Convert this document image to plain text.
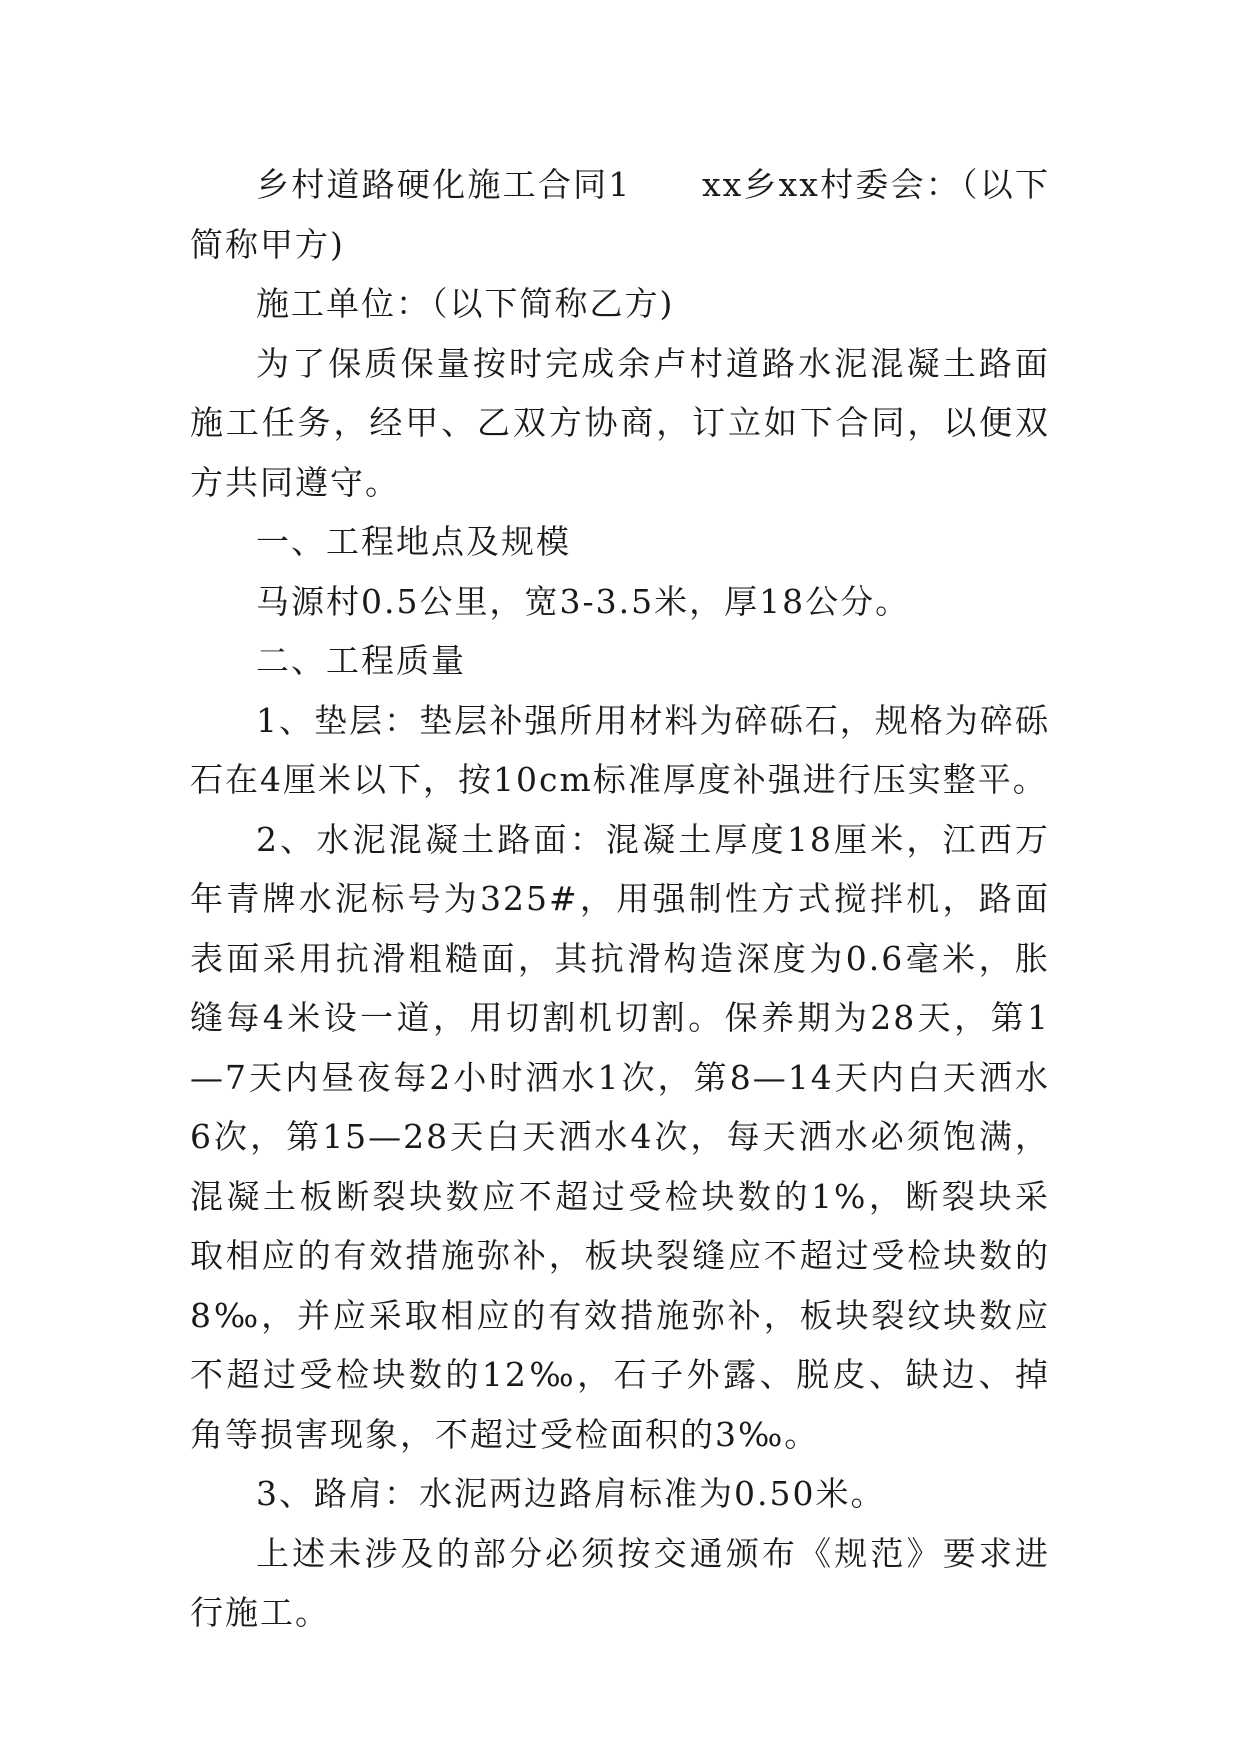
乡村道路硬化施工合同1　　xx乡xx村委会：（以下简称甲方)

施工单位：（以下简称乙方)

为了保质保量按时完成余卢村道路水泥混凝土路面施工任务，经甲、乙双方协商，订立如下合同，以便双方共同遵守。

一、工程地点及规模

马源村0.5公里，宽3-3.5米，厚18公分。

二、工程质量

1、垫层：垫层补强所用材料为碎砾石，规格为碎砾石在4厘米以下，按10cm标准厚度补强进行压实整平。

2、水泥混凝土路面：混凝土厚度18厘米，江西万年青牌水泥标号为325#，用强制性方式搅拌机，路面表面采用抗滑粗糙面，其抗滑构造深度为0.6毫米，胀缝每4米设一道，用切割机切割。保养期为28天，第1—7天内昼夜每2小时洒水1次，第8—14天内白天洒水6次，第15—28天白天洒水4次，每天洒水必须饱满，混凝土板断裂块数应不超过受检块数的1%，断裂块采取相应的有效措施弥补，板块裂缝应不超过受检块数的8‰，并应采取相应的有效措施弥补，板块裂纹块数应不超过受检块数的12‰，石子外露、脱皮、缺边、掉角等损害现象，不超过受检面积的3‰。

3、路肩：水泥两边路肩标准为0.50米。

上述未涉及的部分必须按交通颁布《规范》要求进行施工。
